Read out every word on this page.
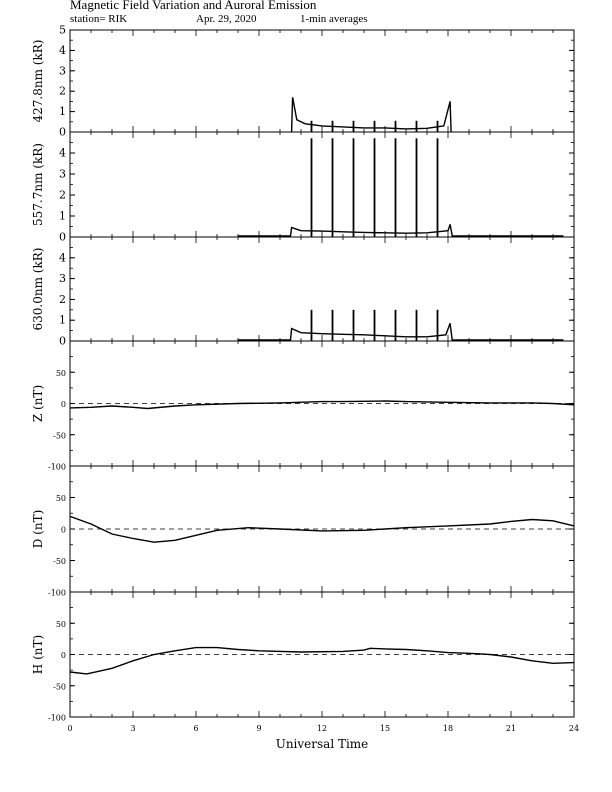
Magnetic Field Variation and Auroral Emission
station= RIK	Apr. 29, 2020	1-min averages
0
1
2
3
4
5
427.8nm (kR)
0
1
2
3
4
557.7nm (kR)
0
1
2
3
4
630.0nm (kR)
-100
-50
0
50
Z (nT)
-100
-50
0
50
D (nT)
-100
-50
0
50
H (nT)
0	3	6	9	12	15	18	21	24
Universal Time
